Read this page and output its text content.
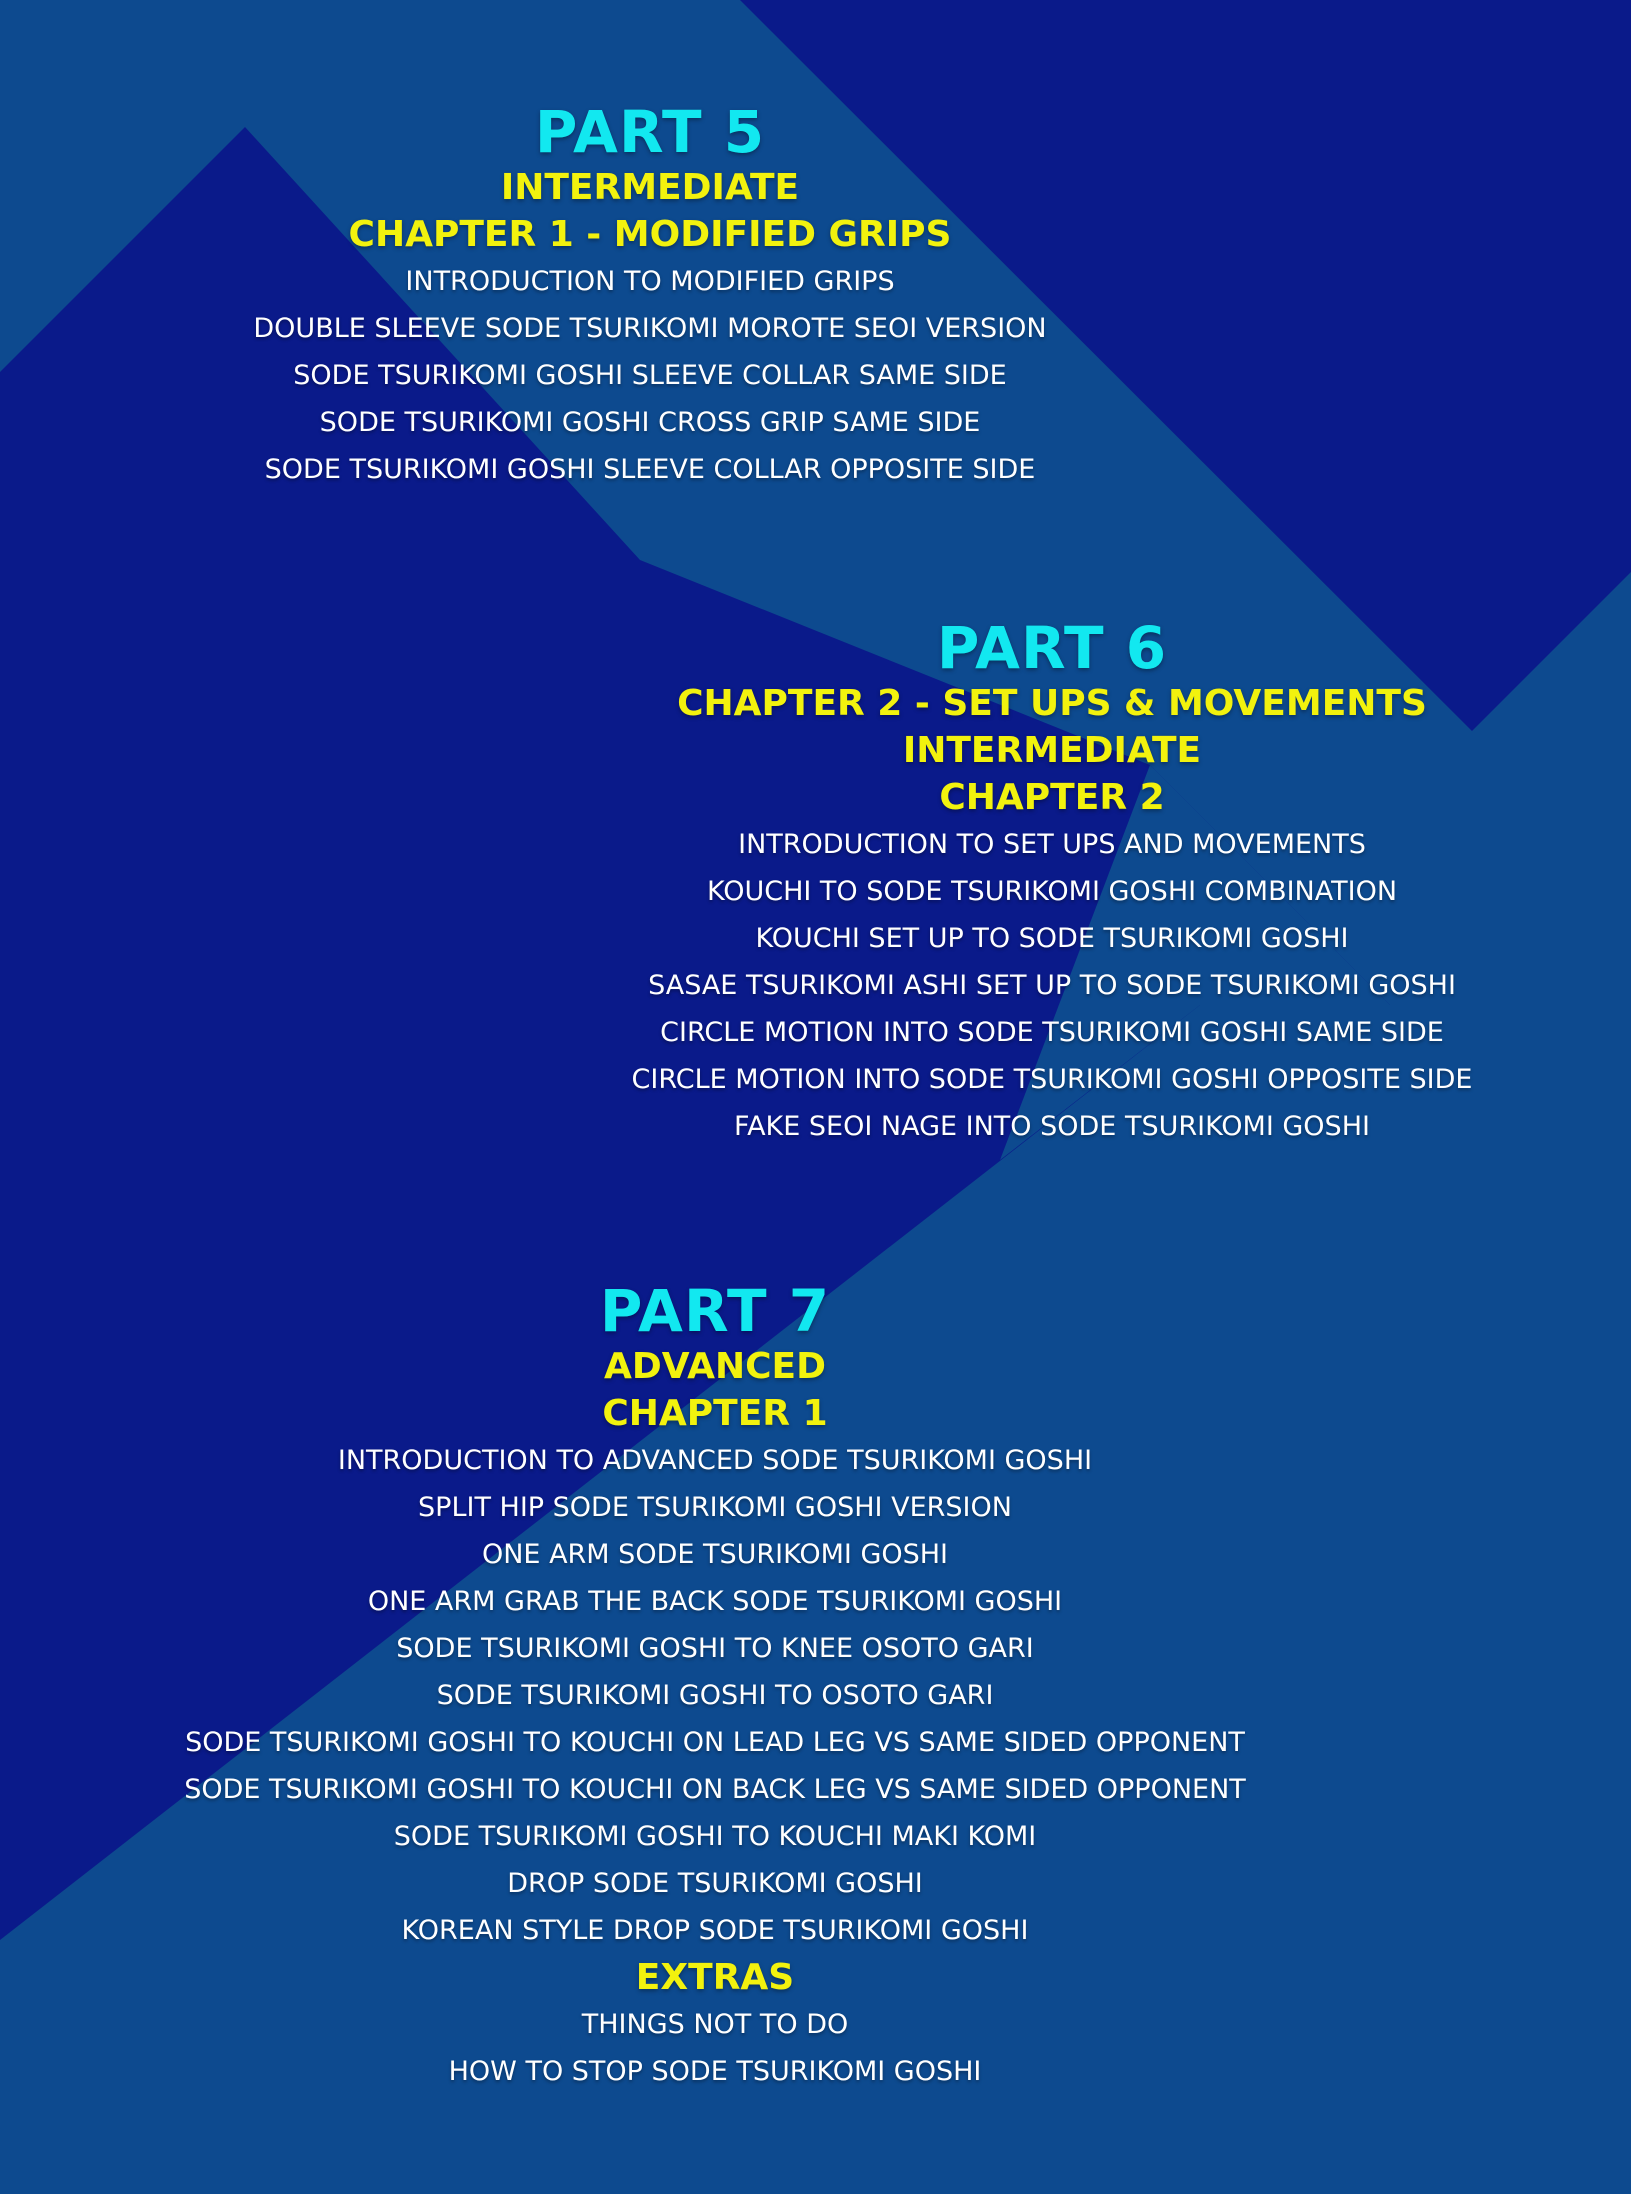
PART 5
INTERMEDIATE
CHAPTER 1 - MODIFIED GRIPS
INTRODUCTION TO MODIFIED GRIPS
DOUBLE SLEEVE SODE TSURIKOMI MOROTE SEOI VERSION
SODE TSURIKOMI GOSHI SLEEVE COLLAR SAME SIDE
SODE TSURIKOMI GOSHI CROSS GRIP SAME SIDE
SODE TSURIKOMI GOSHI SLEEVE COLLAR OPPOSITE SIDE
PART 6
CHAPTER 2 - SET UPS & MOVEMENTS
INTERMEDIATE
CHAPTER 2
INTRODUCTION TO SET UPS AND MOVEMENTS
KOUCHI TO SODE TSURIKOMI GOSHI COMBINATION
KOUCHI SET UP TO SODE TSURIKOMI GOSHI
SASAE TSURIKOMI ASHI SET UP TO SODE TSURIKOMI GOSHI
CIRCLE MOTION INTO SODE TSURIKOMI GOSHI SAME SIDE
CIRCLE MOTION INTO SODE TSURIKOMI GOSHI OPPOSITE SIDE
FAKE SEOI NAGE INTO SODE TSURIKOMI GOSHI
PART 7
ADVANCED
CHAPTER 1
INTRODUCTION TO ADVANCED SODE TSURIKOMI GOSHI
SPLIT HIP SODE TSURIKOMI GOSHI VERSION
ONE ARM SODE TSURIKOMI GOSHI
ONE ARM GRAB THE BACK SODE TSURIKOMI GOSHI
SODE TSURIKOMI GOSHI TO KNEE OSOTO GARI
SODE TSURIKOMI GOSHI TO OSOTO GARI
SODE TSURIKOMI GOSHI TO KOUCHI ON LEAD LEG VS SAME SIDED OPPONENT
SODE TSURIKOMI GOSHI TO KOUCHI ON BACK LEG VS SAME SIDED OPPONENT
SODE TSURIKOMI GOSHI TO KOUCHI MAKI KOMI
DROP SODE TSURIKOMI GOSHI
KOREAN STYLE DROP SODE TSURIKOMI GOSHI
EXTRAS
THINGS NOT TO DO
HOW TO STOP SODE TSURIKOMI GOSHI
